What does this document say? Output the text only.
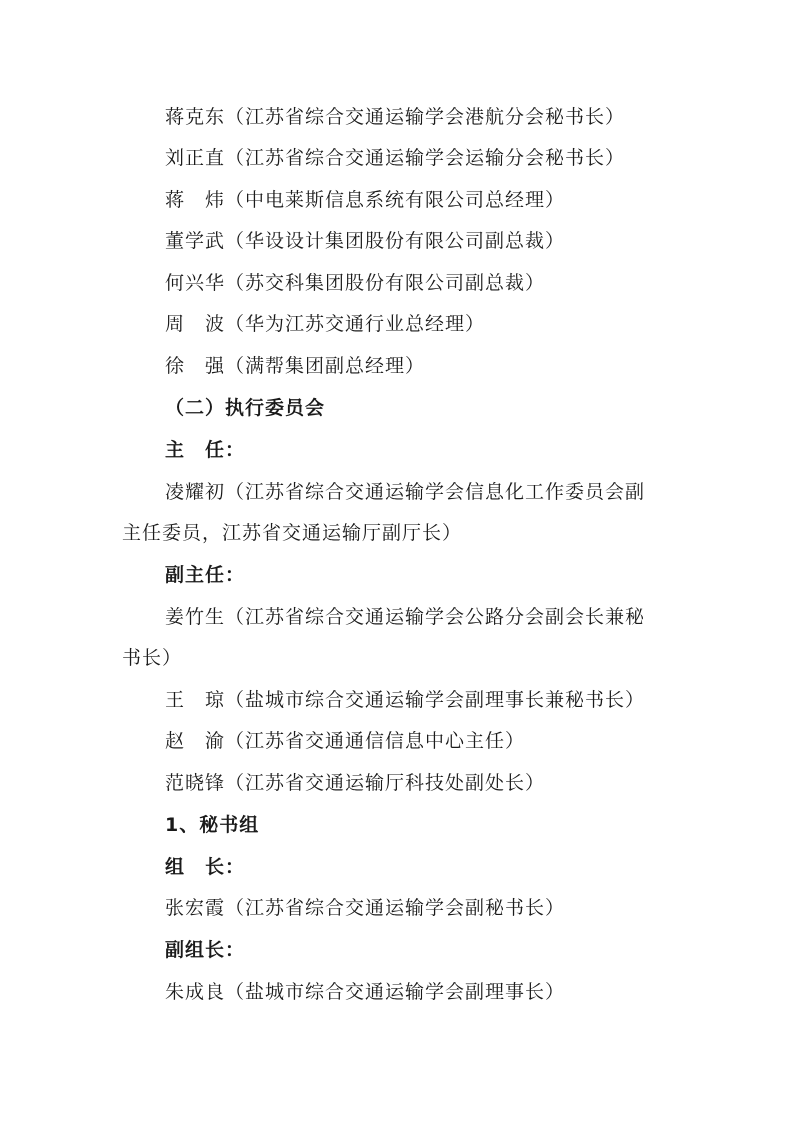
蒋克东（江苏省综合交通运输学会港航分会秘书长）
刘正直（江苏省综合交通运输学会运输分会秘书长）
蒋　炜（中电莱斯信息系统有限公司总经理）
董学武（华设设计集团股份有限公司副总裁）
何兴华（苏交科集团股份有限公司副总裁）
周　波（华为江苏交通行业总经理）
徐　强（满帮集团副总经理）
（二）执行委员会
主　任：
凌耀初（江苏省综合交通运输学会信息化工作委员会副
主任委员，江苏省交通运输厅副厅长）
副主任：
姜竹生（江苏省综合交通运输学会公路分会副会长兼秘
书长）
王　琼（盐城市综合交通运输学会副理事长兼秘书长）
赵　渝（江苏省交通通信信息中心主任）
范晓锋（江苏省交通运输厅科技处副处长）
1、秘书组
组　长：
张宏霞（江苏省综合交通运输学会副秘书长）
副组长：
朱成良（盐城市综合交通运输学会副理事长）
